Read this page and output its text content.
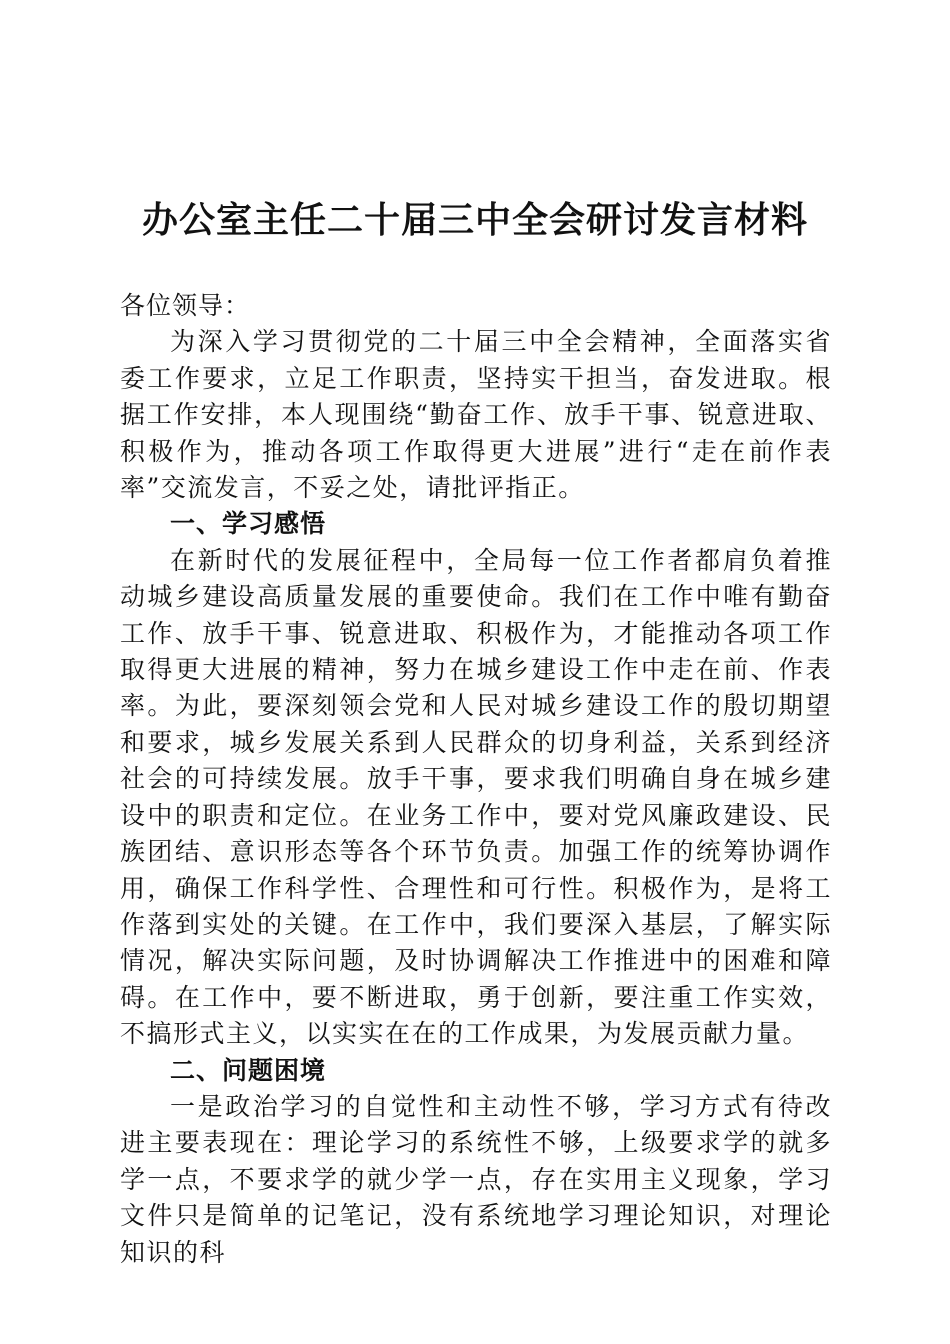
办公室主任二十届三中全会研讨发言材料

各位领导：

为深入学习贯彻党的二十届三中全会精神，全面落实省委工作要求，立足工作职责，坚持实干担当，奋发进取。根据工作安排，本人现围绕“勤奋工作、放手干事、锐意进取、积极作为，推动各项工作取得更大进展”进行“走在前作表率”交流发言，不妥之处，请批评指正。

一、学习感悟

在新时代的发展征程中，全局每一位工作者都肩负着推动城乡建设高质量发展的重要使命。我们在工作中唯有勤奋工作、放手干事、锐意进取、积极作为，才能推动各项工作取得更大进展的精神，努力在城乡建设工作中走在前、作表率。为此，要深刻领会党和人民对城乡建设工作的殷切期望和要求，城乡发展关系到人民群众的切身利益，关系到经济社会的可持续发展。放手干事，要求我们明确自身在城乡建设中的职责和定位。在业务工作中，要对党风廉政建设、民族团结、意识形态等各个环节负责。加强工作的统筹协调作用，确保工作科学性、合理性和可行性。积极作为，是将工作落到实处的关键。在工作中，我们要深入基层，了解实际情况，解决实际问题，及时协调解决工作推进中的困难和障碍。在工作中，要不断进取，勇于创新，要注重工作实效，不搞形式主义，以实实在在的工作成果，为发展贡献力量。

二、问题困境

一是政治学习的自觉性和主动性不够，学习方式有待改进主要表现在：理论学习的系统性不够，上级要求学的就多学一点，不要求学的就少学一点，存在实用主义现象，学习文件只是简单的记笔记，没有系统地学习理论知识，对理论知识的科
